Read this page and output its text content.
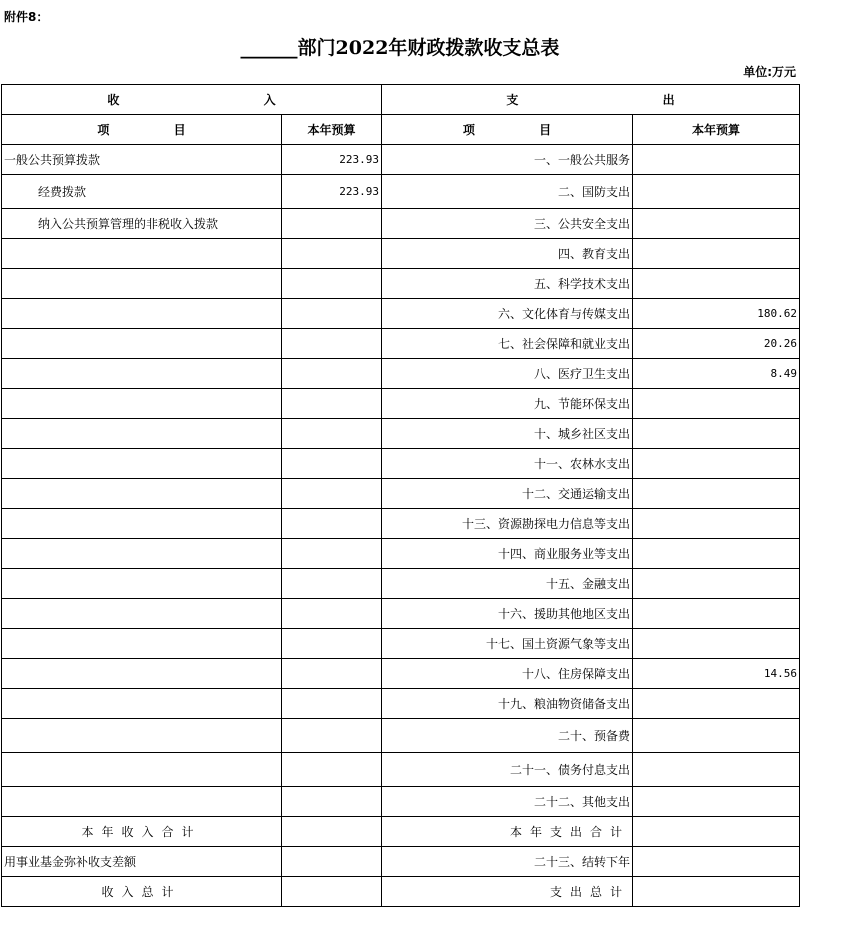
附件8：
______部门2022年财政拨款收支总表
单位:万元
收 入		支 出	
项 目	本年预算	项 目	本年预算
一般公共预算拨款	223.93	一、一般公共服务	
经费拨款	223.93	二、国防支出	
纳入公共预算管理的非税收入拨款		三、公共安全支出	
		四、教育支出	
		五、科学技术支出	
		六、文化体育与传媒支出	180.62
		七、社会保障和就业支出	20.26
		八、医疗卫生支出	8.49
		九、节能环保支出	
		十、城乡社区支出	
		十一、农林水支出	
		十二、交通运输支出	
		十三、资源勘探电力信息等支出	
		十四、商业服务业等支出	
		十五、金融支出	
		十六、援助其他地区支出	
		十七、国土资源气象等支出	
		十八、住房保障支出	14.56
		十九、粮油物资储备支出	
		二十、预备费	
		二十一、债务付息支出	
		二十二、其他支出	
本年收入合计		本年支出合计	
用事业基金弥补收支差额		二十三、结转下年	
收入总计		支出总计	
